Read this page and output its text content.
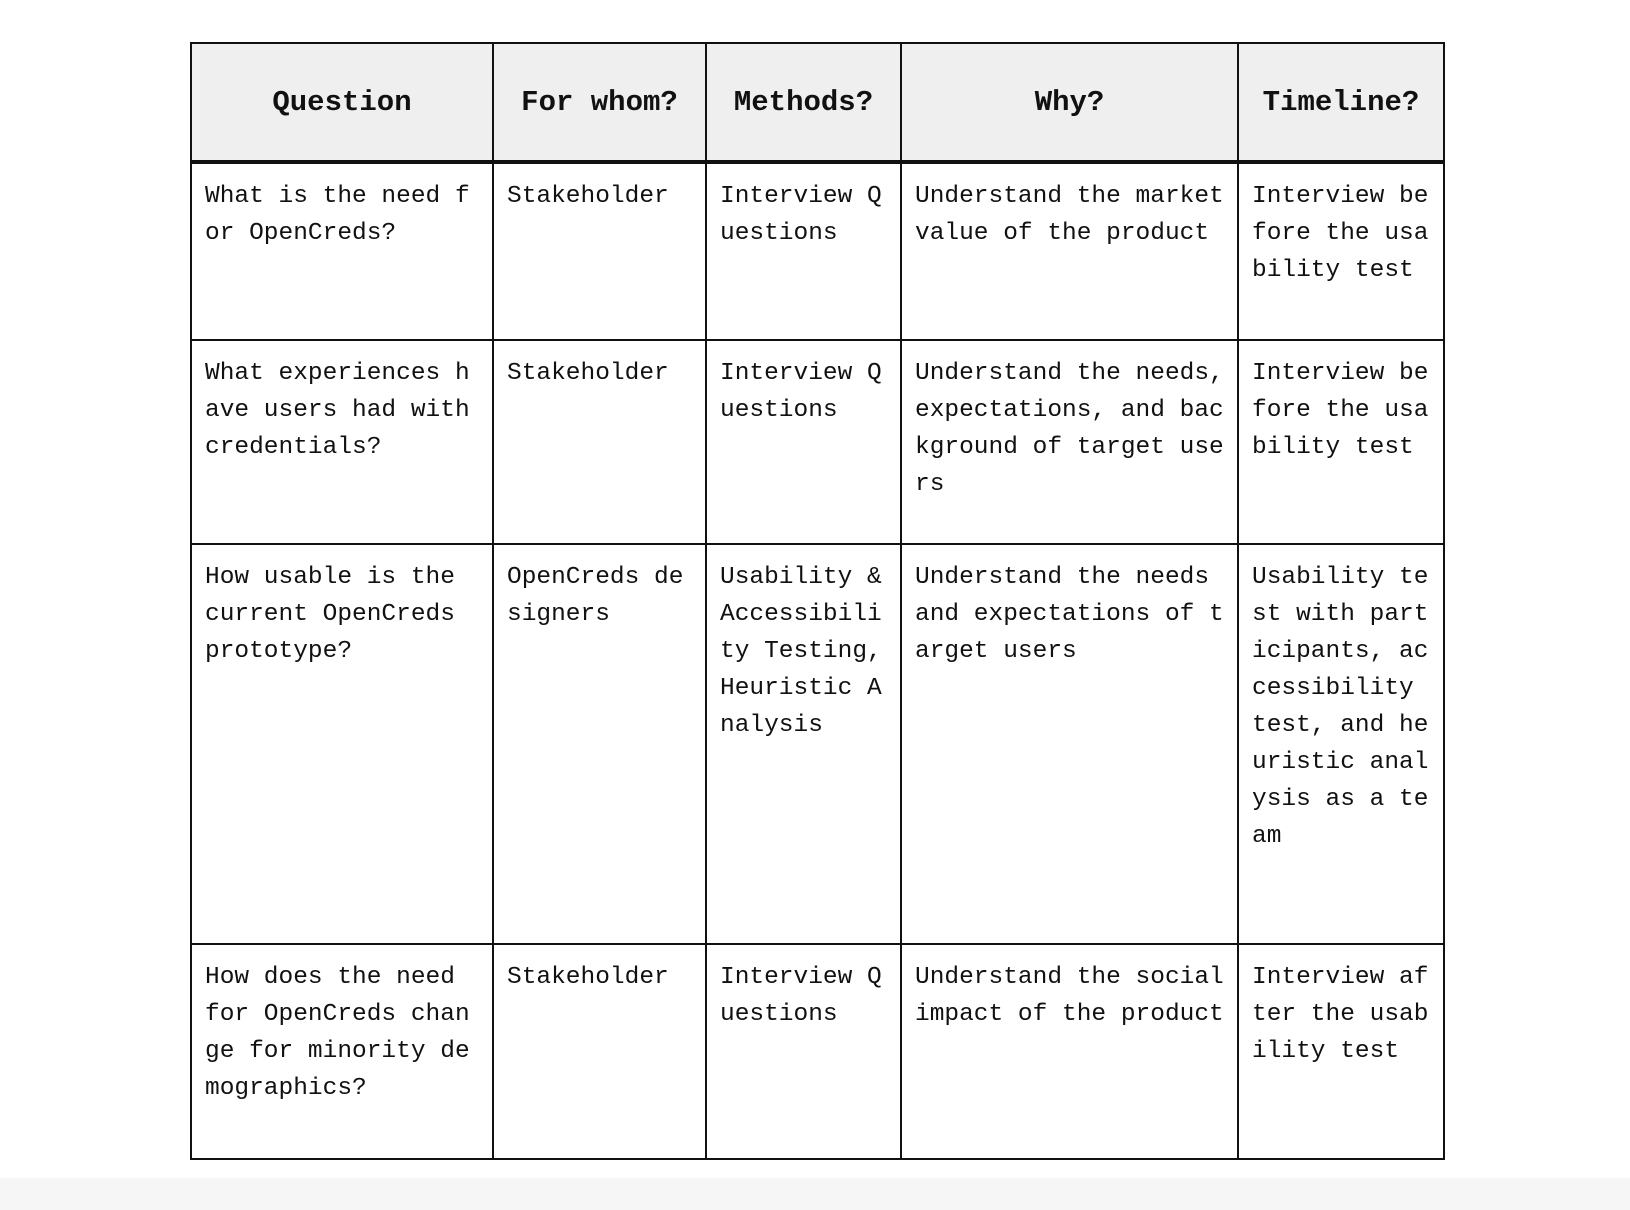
Question	For whom?	Methods?	Why?	Timeline?

What is the need for OpenCreds?	Stakeholder	Interview Questions	Understand the market value of the product	Interview before the usability test

What experiences have users had with credentials?	Stakeholder	Interview Questions	Understand the needs, expectations, and background of target users	Interview before the usability test

How usable is the current OpenCreds prototype?	OpenCreds designers	Usability & Accessibility Testing, Heuristic Analysis	Understand the needs and expectations of target users	Usability test with participants, accessibility test, and heuristic analysis as a team

How does the need for OpenCreds change for minority demographics?	Stakeholder	Interview Questions	Understand the social impact of the product	Interview after the usability test
